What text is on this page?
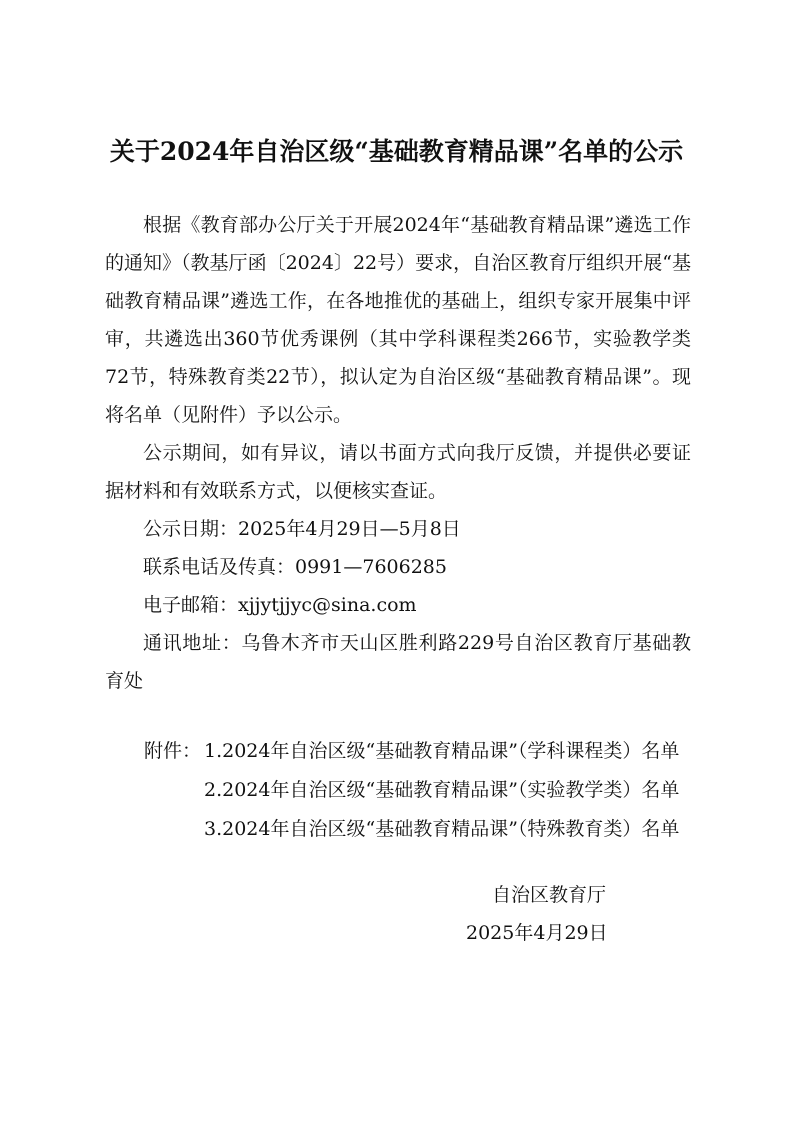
关于2024年自治区级“基础教育精品课”名单的公示

根据《教育部办公厅关于开展2024年“基础教育精品课”遴选工作的通知》（教基厅函〔2024〕22号）要求，自治区教育厅组织开展“基础教育精品课”遴选工作，在各地推优的基础上，组织专家开展集中评审，共遴选出360节优秀课例（其中学科课程类266节，实验教学类72节，特殊教育类22节），拟认定为自治区级“基础教育精品课”。现将名单（见附件）予以公示。

公示期间，如有异议，请以书面方式向我厅反馈，并提供必要证据材料和有效联系方式，以便核实查证。

公示日期：2025年4月29日—5月8日

联系电话及传真：0991—7606285

电子邮箱：xjjytjjyc@sina.com

通讯地址：乌鲁木齐市天山区胜利路229号自治区教育厅基础教育处

附件： 1.2024年自治区级“基础教育精品课”（学科课程类）名单
2.2024年自治区级“基础教育精品课”（实验教学类）名单
3.2024年自治区级“基础教育精品课”（特殊教育类）名单
自治区教育厅
2025年4月29日
